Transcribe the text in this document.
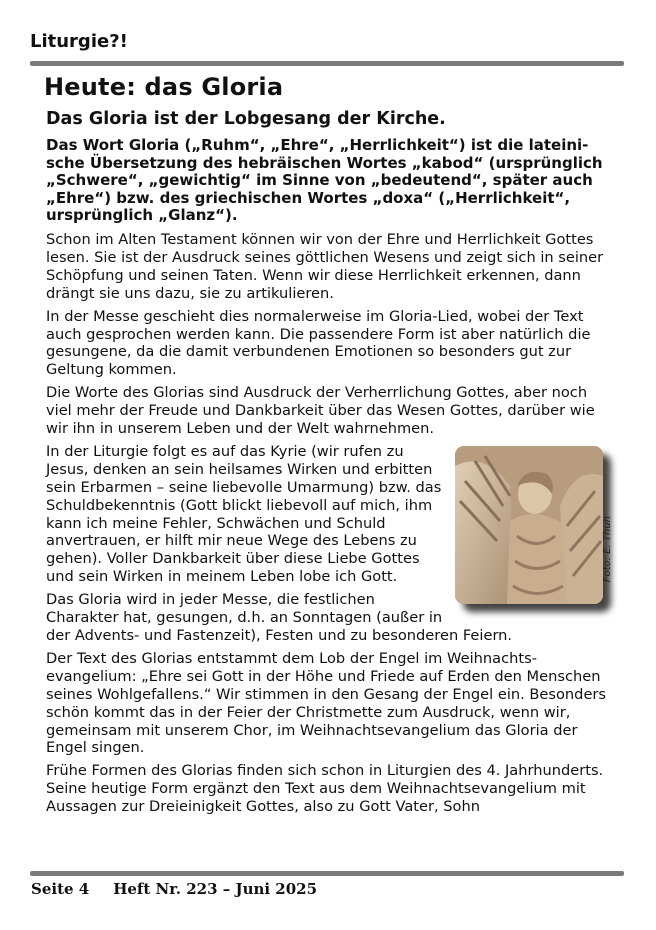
Liturgie?!
Heute: das Gloria
Das Gloria ist der Lobgesang der Kirche.

Das Wort Gloria („Ruhm“, „Ehre“, „Herrlichkeit“) ist die lateinische Übersetzung des hebräischen Wortes „kabod“ (ursprünglich „Schwere“, „gewichtig“ im Sinne von „bedeutend“, später auch „Ehre“) bzw. des griechischen Wortes „doxa“ („Herrlichkeit“, ursprünglich „Glanz“).

Schon im Alten Testament können wir von der Ehre und Herrlichkeit Gottes lesen. Sie ist der Ausdruck seines göttlichen Wesens und zeigt sich in seiner Schöpfung und seinen Taten. Wenn wir diese Herrlichkeit erkennen, dann drängt sie uns dazu, sie zu artikulieren.

In der Messe geschieht dies normalerweise im Gloria-Lied, wobei der Text auch gesprochen werden kann. Die passendere Form ist aber natürlich die gesungene, da die damit verbundenen Emotionen so besonders gut zur Geltung kommen.

Die Worte des Glorias sind Ausdruck der Verherrlichung Gottes, aber noch viel mehr der Freude und Dankbarkeit über das Wesen Gottes, darüber wie wir ihn in unserem Leben und der Welt wahrnehmen.

Foto: E. Thun

In der Liturgie folgt es auf das Kyrie (wir rufen zu Jesus, denken an sein heilsames Wirken und erbitten sein Erbarmen – seine liebevolle Umarmung) bzw. das Schuldbekenntnis (Gott blickt liebevoll auf mich, ihm kann ich meine Fehler, Schwächen und Schuld anvertrauen, er hilft mir neue Wege des Lebens zu gehen). Voller Dankbarkeit über diese Liebe Gottes und sein Wirken in meinem Leben lobe ich Gott.

Das Gloria wird in jeder Messe, die festlichen Charakter hat, gesungen, d.h. an Sonntagen (außer in der Advents- und Fastenzeit), Festen und zu besonderen Feiern.

Der Text des Glorias entstammt dem Lob der Engel im Weihnachtsevangelium: „Ehre sei Gott in der Höhe und Friede auf Erden den Menschen seines Wohlgefallens.“ Wir stimmen in den Gesang der Engel ein. Besonders schön kommt das in der Feier der Christmette zum Ausdruck, wenn wir, gemeinsam mit unserem Chor, im Weihnachtsevangelium das Gloria der Engel singen.

Frühe Formen des Glorias finden sich schon in Liturgien des 4. Jahrhunderts. Seine heutige Form ergänzt den Text aus dem Weihnachtsevangelium mit Aussagen zur Dreieinigkeit Gottes, also zu Gott Vater, Sohn

Seite 4 Heft Nr. 223 – Juni 2025
